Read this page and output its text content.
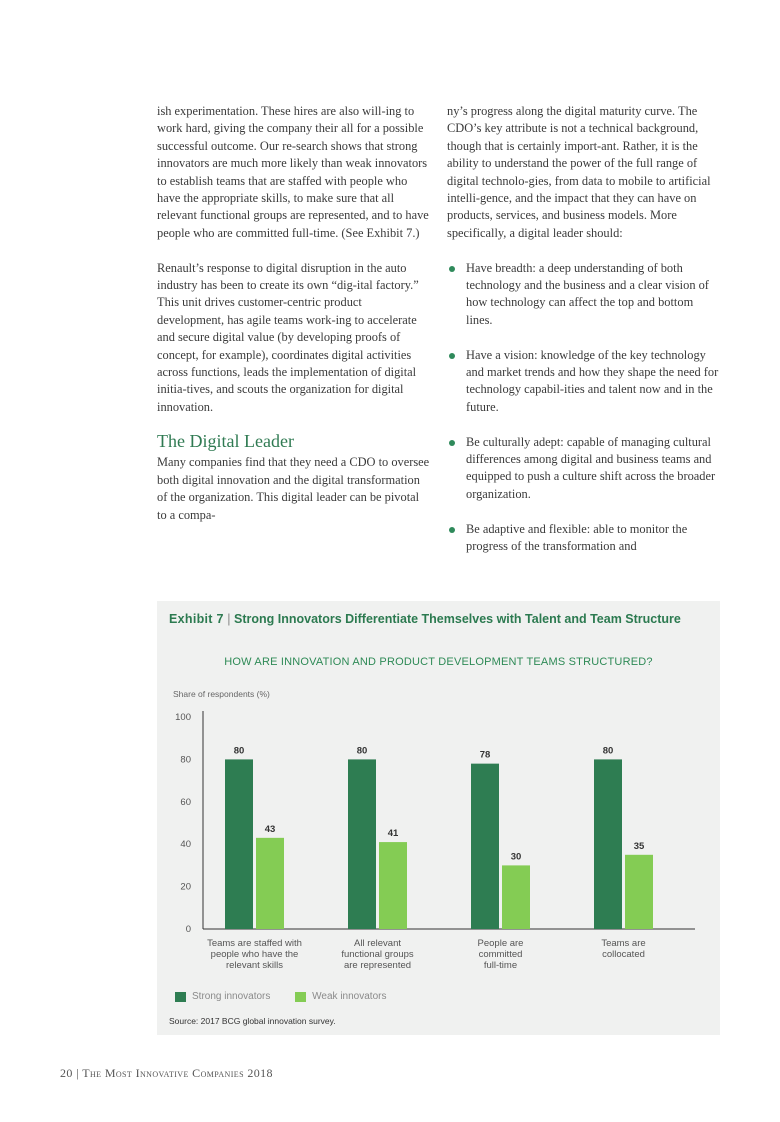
ish experimentation. These hires are also will-ing to work hard, giving the company their all for a possible successful outcome. Our re-search shows that strong innovators are much more likely than weak innovators to establish teams that are staffed with people who have the appropriate skills, to make sure that all relevant functional groups are represented, and to have people who are committed full-time. (See Exhibit 7.)

Renault’s response to digital disruption in the auto industry has been to create its own “dig-ital factory.” This unit drives customer-centric product development, has agile teams work-ing to accelerate and secure digital value (by developing proofs of concept, for example), coordinates digital activities across functions, leads the implementation of digital initia-tives, and scouts the organization for digital innovation.

The Digital Leader

Many companies find that they need a CDO to oversee both digital innovation and the digital transformation of the organization. This digital leader can be pivotal to a compa-

ny’s progress along the digital maturity curve. The CDO’s key attribute is not a technical background, though that is certainly import-ant. Rather, it is the ability to understand the power of the full range of digital technolo-gies, from data to mobile to artificial intelli-gence, and the impact that they can have on products, services, and business models. More specifically, a digital leader should:

Have breadth: a deep understanding of both technology and the business and a clear vision of how technology can affect the top and bottom lines.
Have a vision: knowledge of the key technology and market trends and how they shape the need for technology capabil-ities and talent now and in the future.
Be culturally adept: capable of managing cultural differences among digital and business teams and equipped to push a culture shift across the broader organization.
Be adaptive and flexible: able to monitor the progress of the transformation and
Exhibit 7 | Strong Innovators Differentiate Themselves with Talent and Team Structure
HOW ARE INNOVATION AND PRODUCT DEVELOPMENT TEAMS STRUCTURED?
Share of respondents (%)
0
20
40
60
80
100
80
43
Teams are staffed with
people who have the
relevant skills
80
41
All relevant
functional groups
are represented
78
30
People are
committed
full-time
80
35
Teams are
collocated
Strong innovators
	Weak innovators
Source: 2017 BCG global innovation survey.
20 | The Most Innovative Companies 2018
